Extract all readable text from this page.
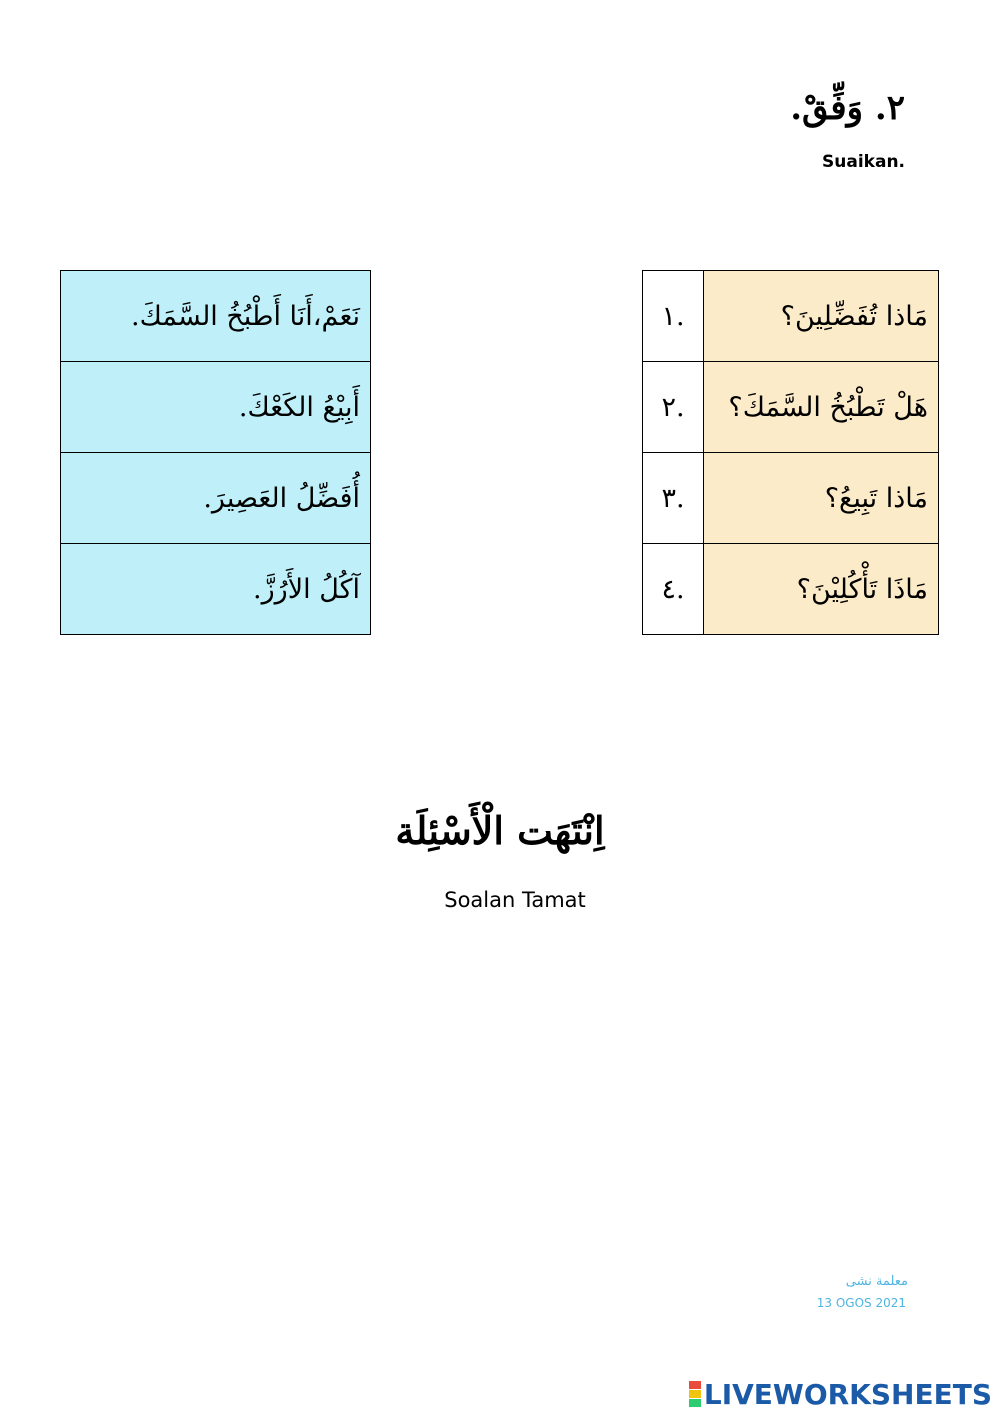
٢. وَفِّقْ.
Suaikan.
.١	مَاذا تُفَضِّلِينَ؟
.٢	هَلْ تَطْبُخُ السَّمَكَ؟
.٣	مَاذا تَبِيعُ؟
.٤	مَاذَا تَأْكُلِيْنَ؟
نَعَمْ،أَنَا أَطْبُخُ السَّمَكَ.
أَبِيْعُ الكَعْكَ.
أُفَضِّلُ العَصِيرَ.
آكُلُ الأَرُزَّ.
اِنْتَهَت الْأَسْئِلَة
Soalan Tamat
معلمة نشى
13 OGOS 2021
LIVEWORKSHEETS
